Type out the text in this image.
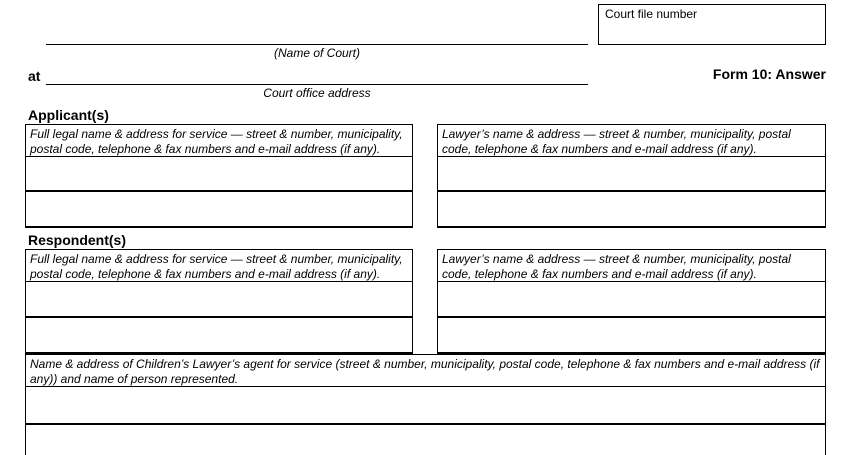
Court file number
(Name of Court)
at
Court office address
Form 10: Answer
Applicant(s)
Full legal name & address for service — street & number, municipality, postal code, telephone & fax numbers and e-mail address (if any).
Lawyer’s name & address — street & number, municipality, postal code, telephone & fax numbers and e-mail address (if any).
Respondent(s)
Full legal name & address for service — street & number, municipality, postal code, telephone & fax numbers and e-mail address (if any).
Lawyer’s name & address — street & number, municipality, postal code, telephone & fax numbers and e-mail address (if any).
Name & address of Children’s Lawyer’s agent for service (street & number, municipality, postal code, telephone & fax numbers and e-mail address (if any)) and name of person represented.
